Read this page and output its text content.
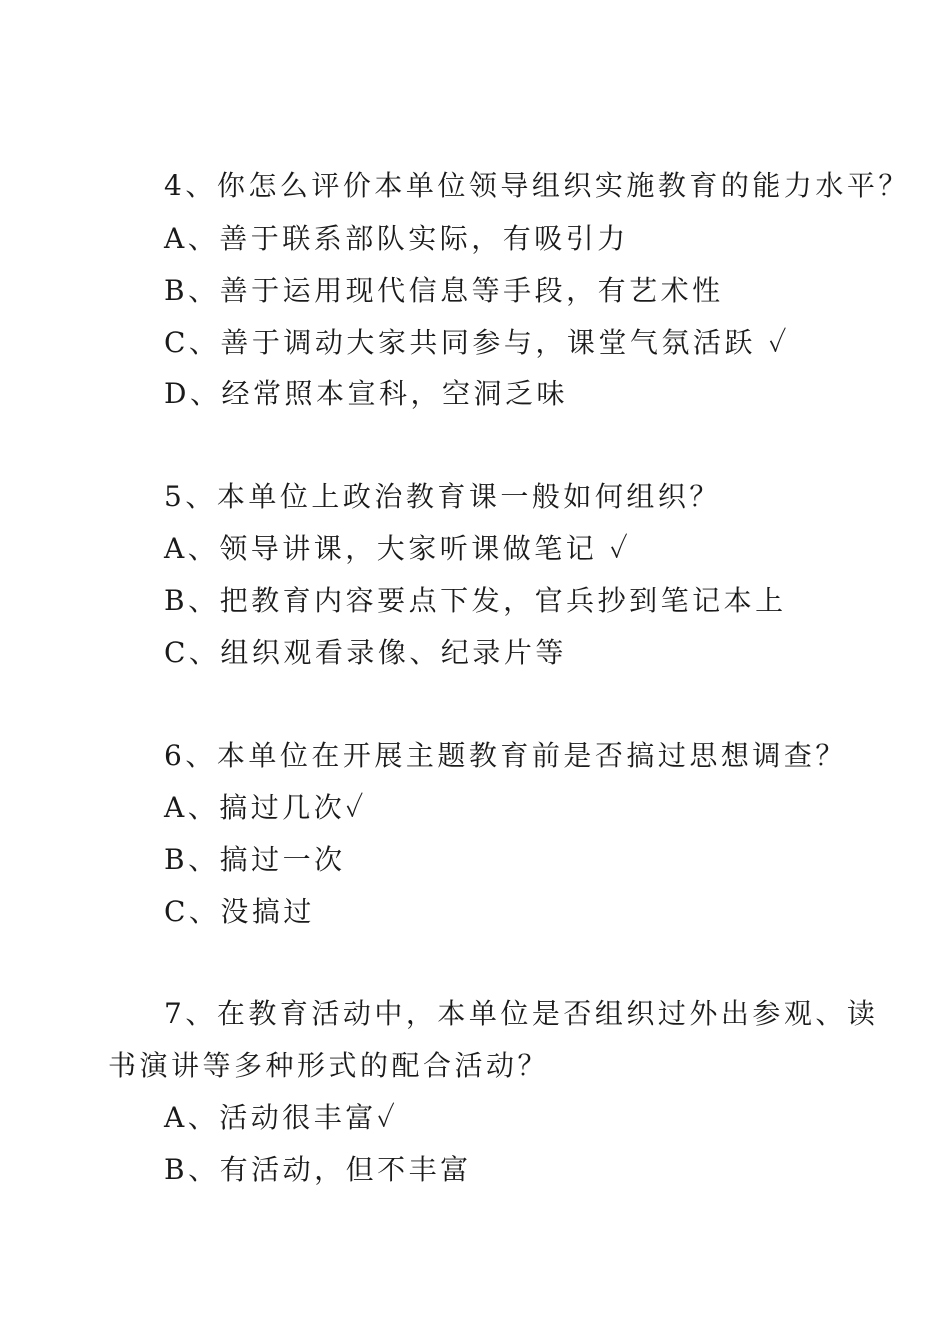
4、你怎么评价本单位领导组织实施教育的能力水平？
A、善于联系部队实际，有吸引力
B、善于运用现代信息等手段，有艺术性
C、善于调动大家共同参与，课堂气氛活跃 ✓
D、经常照本宣科，空洞乏味
5、本单位上政治教育课一般如何组织？
A、领导讲课，大家听课做笔记 ✓
B、把教育内容要点下发，官兵抄到笔记本上
C、组织观看录像、纪录片等
6、本单位在开展主题教育前是否搞过思想调查？
A、搞过几次✓
B、搞过一次
C、没搞过
7、在教育活动中，本单位是否组织过外出参观、读
书演讲等多种形式的配合活动？
A、活动很丰富✓
B、有活动，但不丰富
